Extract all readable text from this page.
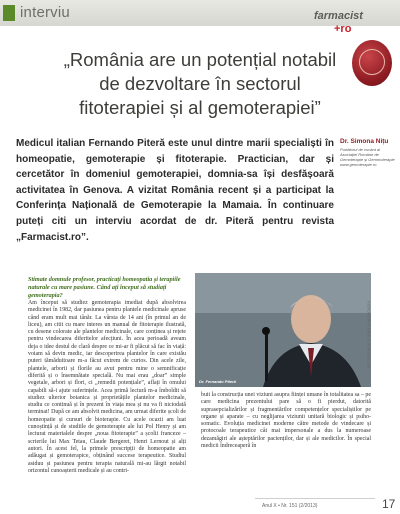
interviu	farmacist
+ro
„România are un potențial notabil
de dezvoltare în sectorul
fitoterapiei și al gemoterapiei”
Medicul italian Fernando Piteră este unul dintre marii specialiști în homeopatie, gemoterapie și fitoterapie. Practician, dar și cercetător în domeniul gemoterapiei, domnia-sa își desfășoară activitatea în Genova. A vizitat România recent și a participat la Conferința Națională de Gemoterapie la Mamaia. În continuare puteți citi un interviu acordat de dr. Piteră pentru revista „Farmacist.ro”.
Dr. Simona Nițu
Purtătorul de cuvânt al Asociației Române de Gemoterapie și Gemmoterapie www.gemoterapie.ro
Stimate domnule profesor, practicați homeopatia și terapiile naturale cu mare pasiune. Când ați început să studiați gemoterapia?
Am început să studiez gemoterapia imediat după absolvirea medicinei în 1982, dar pasiunea pentru plantele medicinale apruse când eram mult mai tânăr. La vârsta de 14 ani (în primul an de liceu), am citit cu mare interes un manual de fitoterapie ilustrată, cu desene colorate ale plantelor medicinale, care conținea și rețete pentru vindecarea diferitelor afecțiuni. În acea perioadă aveam deja o idee destul de clară despre ce mi-ar fi plăcut să fac în viață: voiam să devin medic, iar descoperirea plantelor în care existău puteri tămăduitoare m-a făcut extrem de curios. Din acele zile, plantele, arborii și florile au avut pentru mine o semnificație diferită și o însemnătate specială. Nu mai erau „doar” simple vegetale, arbori și flori, ci „remedii potențiale”, aflați în omului capabili să-i ajute suferințele. Acea primă lectură m-a îmboldit să studiez ulterior botanica și proprietățile plantelor medicinale, studiu ce continuă și în prezent în viața mea și nu va fi niciodată terminat! După ce am absolvit medicina, am urmat diferite școli de homeopatie și cursuri de bioterapie. Cu acele ocazii am luat cunoștință și de studiile de gemoterapie ale lui Pol Henry și am lecturat materialele despre „noua fitoterapie” a școlii franceze – scrierile lui Max Tetau, Claude Bergeret, Henri Lernout și alți autori. În acest fel, la primele prescripții de homeopatie am adăugat și gemoterapice, obținând succese terapeutice. Studiul asiduu și pasiunea pentru terapia naturală mi-au lărgit notabil orizontul cunoașterii medicale și au contri-
Dr. Fernando Piteră
FOTOGRAFIE: FIRMA A MEDICAZUI
buit la construcția unei viziuni asupra ființei umane în totalitatea sa – pe care medicina prezentului pare să o fi pierdut, datorită suprasepcializărilor și fragmentărilor competențelor specialiștilor pe organe și aparate – cu neglijarea viziunii unitară biologic și psiho-somatic. Evoluția medicinei moderne către metode de vindecare și protocoale terapeutice cât mai impersonale a dus la numeroase dezamăgiri ale așteptărilor pacienților, dar și ale medicilor. În special medicii îndreceaperă în
Anul X • Nr. 151 (2/2013)	17
